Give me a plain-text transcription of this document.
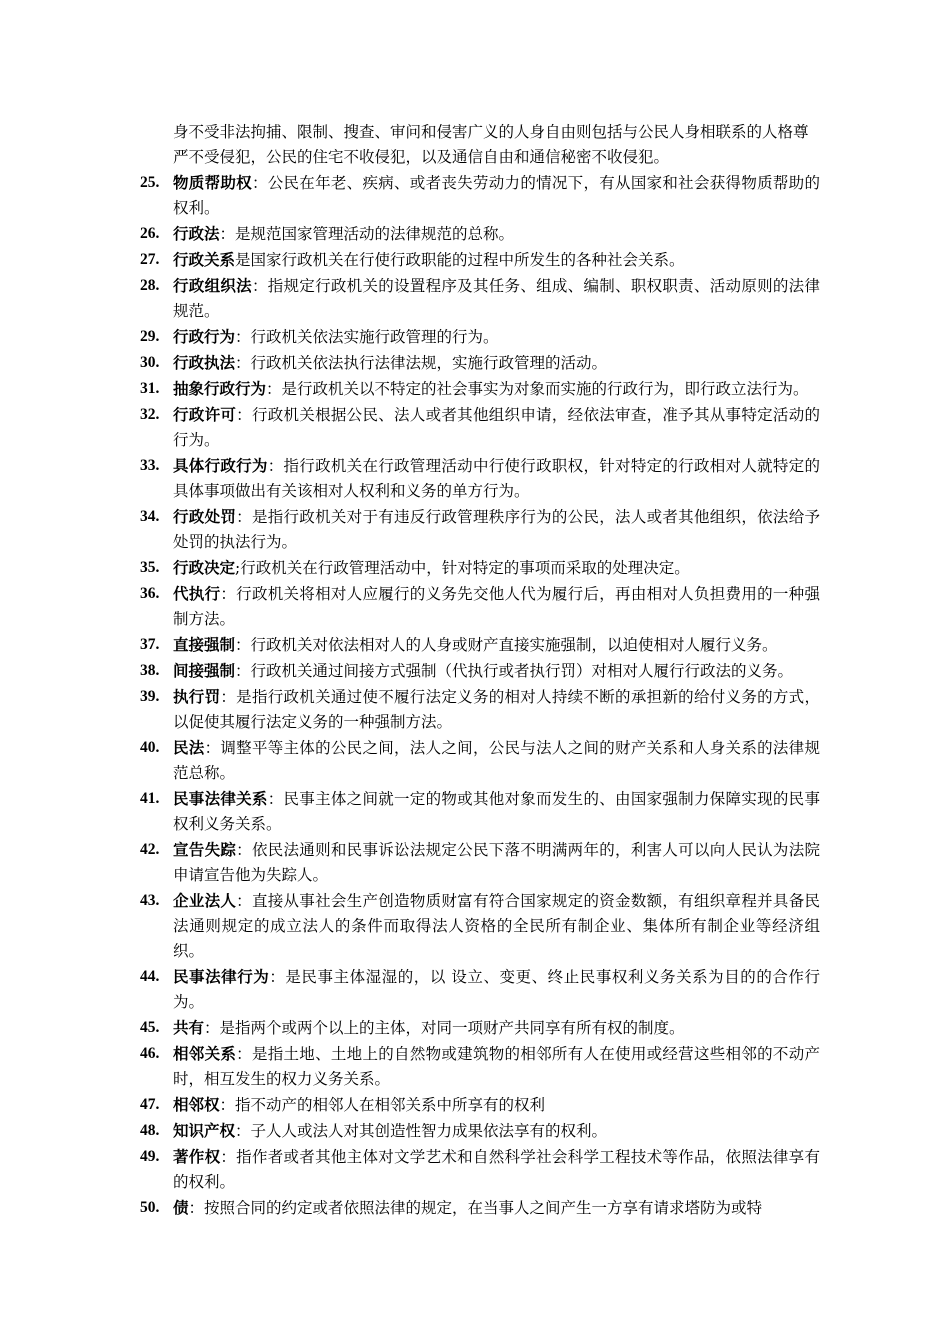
身不受非法拘捕、限制、搜查、审问和侵害广义的人身自由则包括与公民人身相联系的人格尊严不受侵犯，公民的住宅不收侵犯，以及通信自由和通信秘密不收侵犯。

25. 物质帮助权：公民在年老、疾病、或者丧失劳动力的情况下，有从国家和社会获得物质帮助的权利。
26. 行政法：是规范国家管理活动的法律规范的总称。
27. 行政关系是国家行政机关在行使行政职能的过程中所发生的各种社会关系。
28. 行政组织法：指规定行政机关的设置程序及其任务、组成、编制、职权职责、活动原则的法律规范。
29. 行政行为：行政机关依法实施行政管理的行为。
30. 行政执法：行政机关依法执行法律法规，实施行政管理的活动。
31. 抽象行政行为：是行政机关以不特定的社会事实为对象而实施的行政行为，即行政立法行为。
32. 行政许可：行政机关根据公民、法人或者其他组织申请，经依法审查，准予其从事特定活动的行为。
33. 具体行政行为：指行政机关在行政管理活动中行使行政职权，针对特定的行政相对人就特定的具体事项做出有关该相对人权利和义务的单方行为。
34. 行政处罚：是指行政机关对于有违反行政管理秩序行为的公民，法人或者其他组织，依法给予处罚的执法行为。
35. 行政决定;行政机关在行政管理活动中，针对特定的事项而采取的处理决定。
36. 代执行：行政机关将相对人应履行的义务先交他人代为履行后，再由相对人负担费用的一种强制方法。
37. 直接强制：行政机关对依法相对人的人身或财产直接实施强制，以迫使相对人履行义务。
38. 间接强制：行政机关通过间接方式强制（代执行或者执行罚）对相对人履行行政法的义务。
39. 执行罚：是指行政机关通过使不履行法定义务的相对人持续不断的承担新的给付义务的方式，以促使其履行法定义务的一种强制方法。
40. 民法：调整平等主体的公民之间，法人之间，公民与法人之间的财产关系和人身关系的法律规范总称。
41. 民事法律关系：民事主体之间就一定的物或其他对象而发生的、由国家强制力保障实现的民事权利义务关系。
42. 宣告失踪：依民法通则和民事诉讼法规定公民下落不明满两年的，利害人可以向人民认为法院申请宣告他为失踪人。
43. 企业法人：直接从事社会生产创造物质财富有符合国家规定的资金数额，有组织章程并具备民法通则规定的成立法人的条件而取得法人资格的全民所有制企业、集体所有制企业等经济组织。
44. 民事法律行为：是民事主体湿湿的，以 设立、变更、终止民事权利义务关系为目的的合作行为。
45. 共有：是指两个或两个以上的主体，对同一项财产共同享有所有权的制度。
46. 相邻关系：是指土地、土地上的自然物或建筑物的相邻所有人在使用或经营这些相邻的不动产时，相互发生的权力义务关系。
47. 相邻权：指不动产的相邻人在相邻关系中所享有的权利
48. 知识产权：子人人或法人对其创造性智力成果依法享有的权利。
49. 著作权：指作者或者其他主体对文学艺术和自然科学社会科学工程技术等作品，依照法律享有的权利。
50. 债：按照合同的约定或者依照法律的规定，在当事人之间产生一方享有请求塔防为或特
